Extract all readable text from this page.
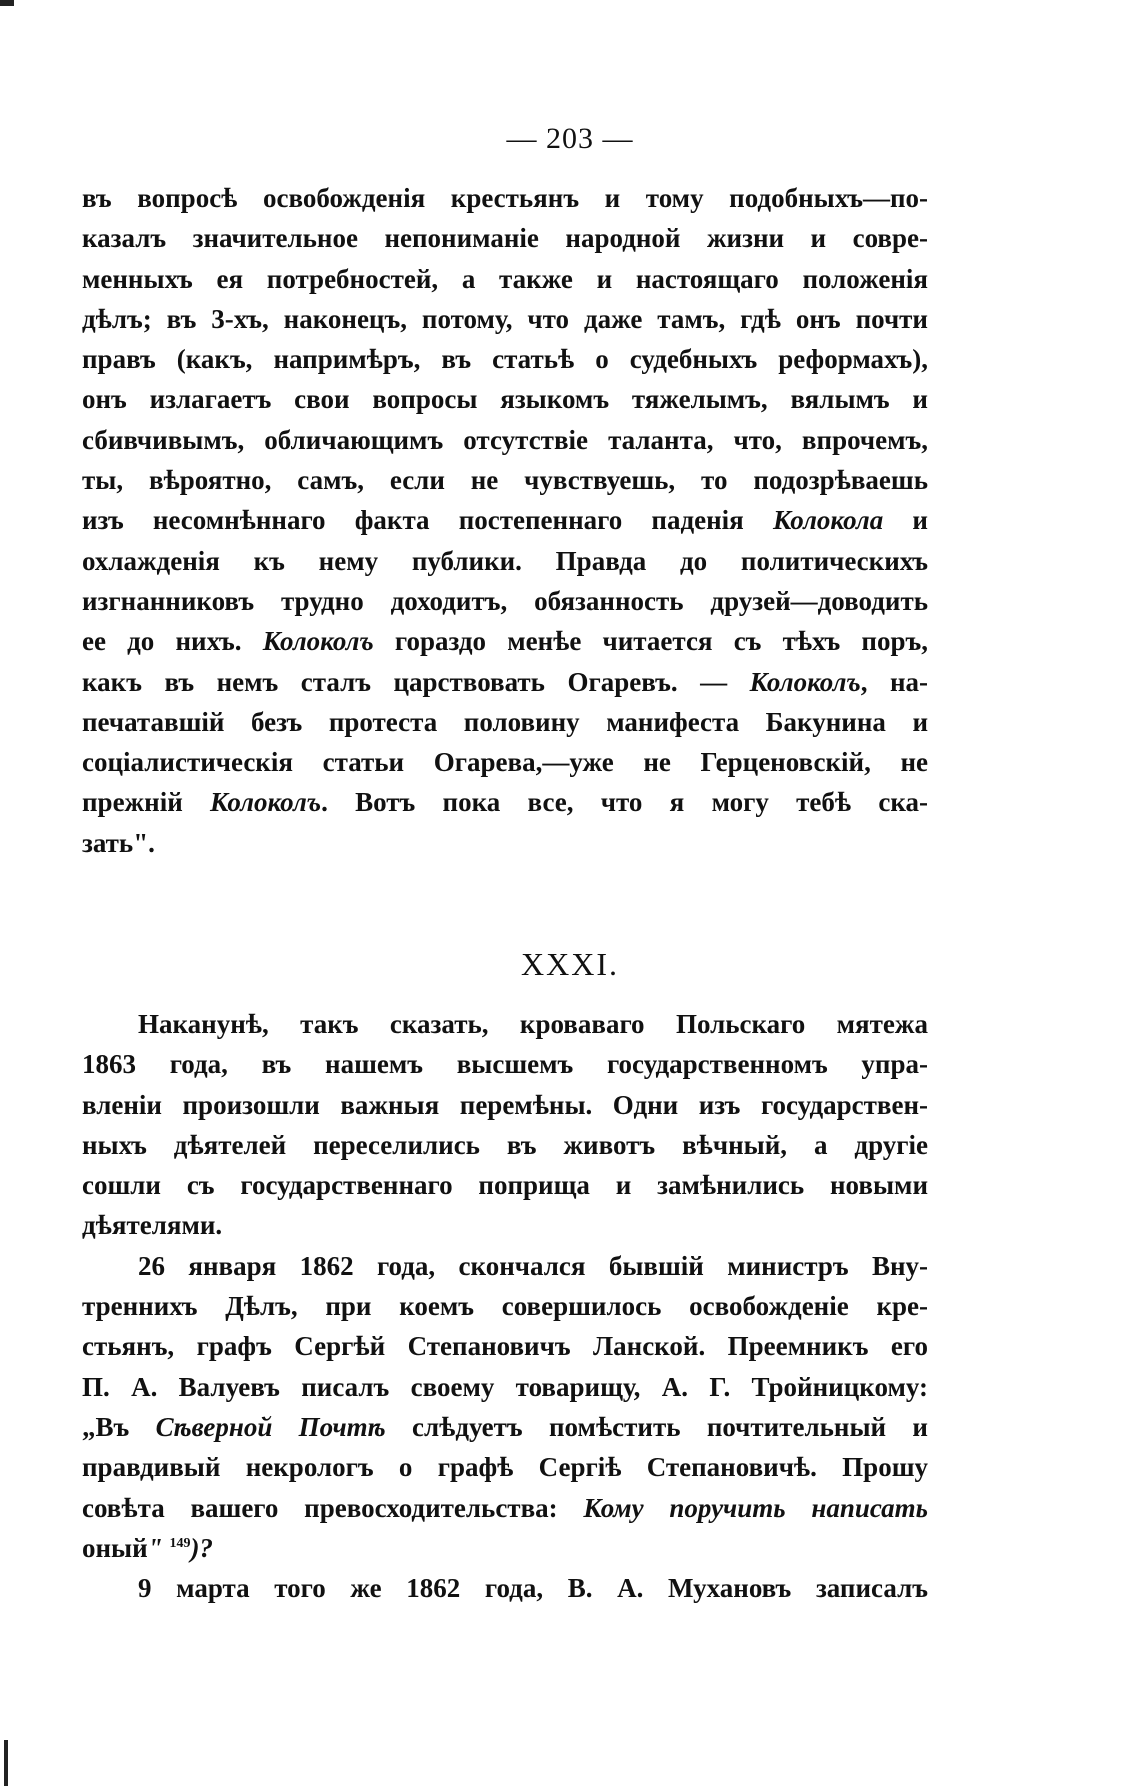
— 203 —
въ вопросѣ освобожденія крестьянъ и тому подобныхъ—по-
казалъ значительное непониманіе народной жизни и совре-
менныхъ ея потребностей, а также и настоящаго положенія
дѣлъ; въ 3-хъ, наконецъ, потому, что даже тамъ, гдѣ онъ почти
правъ (какъ, напримѣръ, въ статьѣ о судебныхъ реформахъ),
онъ излагаетъ свои вопросы языкомъ тяжелымъ, вялымъ и
сбивчивымъ, обличающимъ отсутствіе таланта, что, впрочемъ,
ты, вѣроятно, самъ, если не чувствуешь, то подозрѣваешь
изъ несомнѣннаго факта постепеннаго паденія Колокола и
охлажденія къ нему публики. Правда до политическихъ
изгнанниковъ трудно доходитъ, обязанность друзей—доводить
ее до нихъ. Колоколъ гораздо менѣе читается съ тѣхъ поръ,
какъ въ немъ сталъ царствовать Огаревъ. — Колоколъ, на-
печатавшій безъ протеста половину манифеста Бакунина и
соціалистическія статьи Огарева,—уже не Герценовскій, не
прежній Колоколъ. Вотъ пока все, что я могу тебѣ ска-
зать".
XXXI.
Наканунѣ, такъ сказать, кроваваго Польскаго мятежа
1863 года, въ нашемъ высшемъ государственномъ упра-
вленіи произошли важныя перемѣны. Одни изъ государствен-
ныхъ дѣятелей переселились въ животъ вѣчный, а другіе
сошли съ государственнаго поприща и замѣнились новыми
дѣятелями.
26 января 1862 года, скончался бывшій министръ Вну-
треннихъ Дѣлъ, при коемъ совершилось освобожденіе кре-
стьянъ, графъ Сергѣй Степановичъ Ланской. Преемникъ его
П. А. Валуевъ писалъ своему товарищу, А. Г. Тройницкому:
„Въ Сѣверной Почтѣ слѣдуетъ помѣстить почтительный и
правдивый некрологъ о графѣ Сергіѣ Степановичѣ. Прошу
совѣта вашего превосходительства: Кому поручить написать
оный" $^{149}$)?
9 марта того же 1862 года, В. А. Мухановъ записалъ
